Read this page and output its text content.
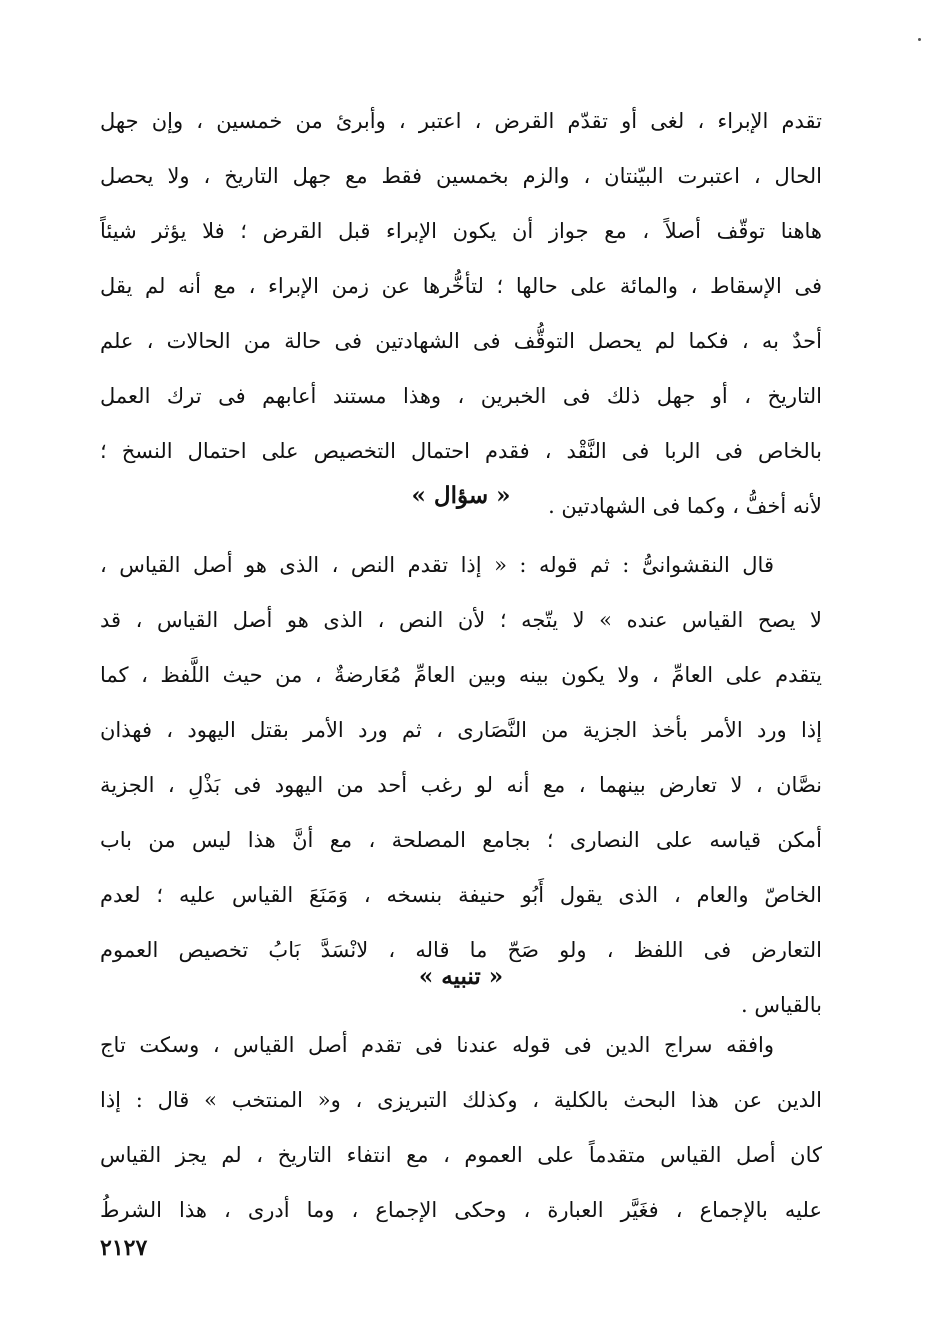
تقدم الإبراء ، لغى أو تقدّم القرض ، اعتبر ، وأبرئ من خمسين ، وإن جهل
الحال ، اعتبرت البيّنتان ، والزم بخمسين فقط مع جهل التاريخ ، ولا يحصل
هاهنا توقّف أصلاً ، مع جواز أن يكون الإبراء قبل القرض ؛ فلا يؤثر شيئاً
فى الإسقاط ، والمائة على حالها ؛ لتأخُّرها عن زمن الإبراء ، مع أنه لم يقل
أحدٌ به ، فكما لم يحصل التوقُّف فى الشهادتين فى حالة من الحالات ، علم
التاريخ ، أو جهل ذلك فى الخبرين ، وهذا مستند أعابهم فى ترك العمل
بالخاص فى الربا فى النَّقْد ، فقدم احتمال التخصيص على احتمال النسخ ؛
لأنه أخفُّ ، وكما فى الشهادتين .
« سؤال »
قال النقشوانىُّ : ثم قوله : « إذا تقدم النص ، الذى هو أصل القياس ،
لا يصح القياس عنده » لا يتّجه ؛ لأن النص ، الذى هو أصل القياس ، قد
يتقدم على العامِّ ، ولا يكون بينه وبين العامِّ مُعَارضةٌ ، من حيث اللَّفظ ، كما
إذا ورد الأمر بأخذ الجزية من النَّصَارى ، ثم ورد الأمر بقتل اليهود ، فهذان
نصَّان ، لا تعارض بينهما ، مع أنه لو رغب أحد من اليهود فى بَذْلِ ، الجزية
أمكن قياسه على النصارى ؛ بجامع المصلحة ، مع أنَّ هذا ليس من باب
الخاصّ والعام ، الذى يقول أَبُو حنيفة بنسخه ، وَمَنَعَ القياس عليه ؛ لعدم
التعارض فى اللفظ ، ولو صَحّ ما قاله ، لانْسَدَّ بَابُ تخصيص العموم
بالقياس .
« تنبيه »
وافقه سراج الدين فى قوله عندنا فى تقدم أصل القياس ، وسكت تاج
الدين عن هذا البحث بالكلية ، وكذلك التبريزى ، و« المنتخب » قال : إذا
كان أصل القياس متقدماً على العموم ، مع انتفاء التاريخ ، لم يجز القياس
عليه بالإجماع ، فغَيَّر العبارة ، وحكى الإجماع ، وما أدرى ، هذا الشرطُ

٢١٢٧
